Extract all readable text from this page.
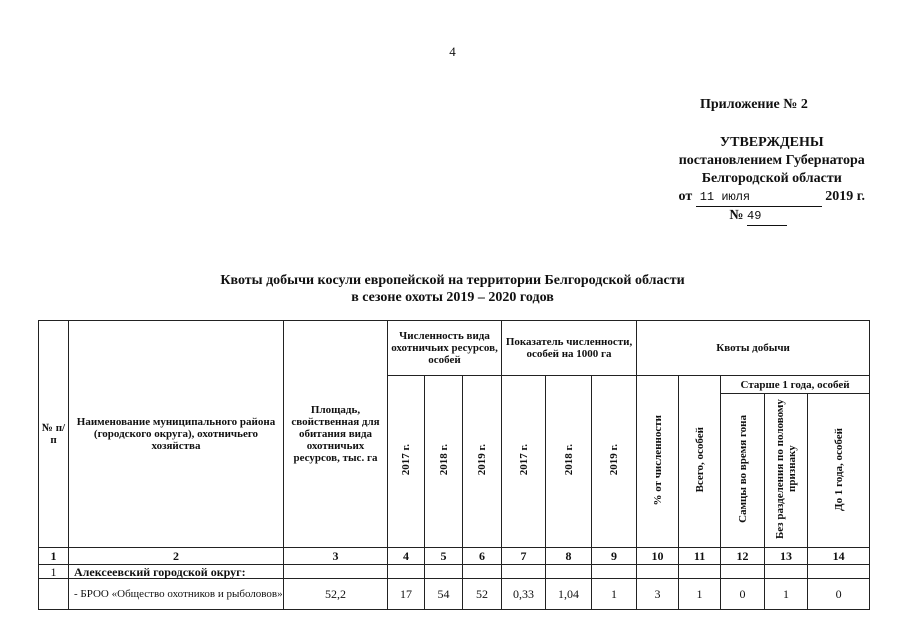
4
Приложение № 2
УТВЕРЖДЕНЫ
постановлением Губернатора
Белгородской области
от 11 июля	2019 г.
№ 49
Квоты добычи косули европейской на территории Белгородской области
в сезоне охоты 2019 – 2020 годов
№ п/п	Наименование муниципального района (городского округа), охотничьего хозяйства	Площадь, свойственная для обитания вида охотничьих ресурсов, тыс. га	Численность вида охотничьих ресурсов, особей			Показатель численности, особей на 1000 га			Квоты добычи				
			2017 г.	2018 г.	2019 г.	2017 г.	2018 г.	2019 г.	% от численности	Всего, особей	Старше 1 года, особей		
											Самцы во время гона	Без разделения по половому признаку	До 1 года, особей
1	2	3	4	5	6	7	8	9	10	11	12	13	14
1	Алексеевский городской округ:												
	- БРОО «Общество охотников и рыболовов»	52,2	17	54	52	0,33	1,04	1	3	1	0	1	0
